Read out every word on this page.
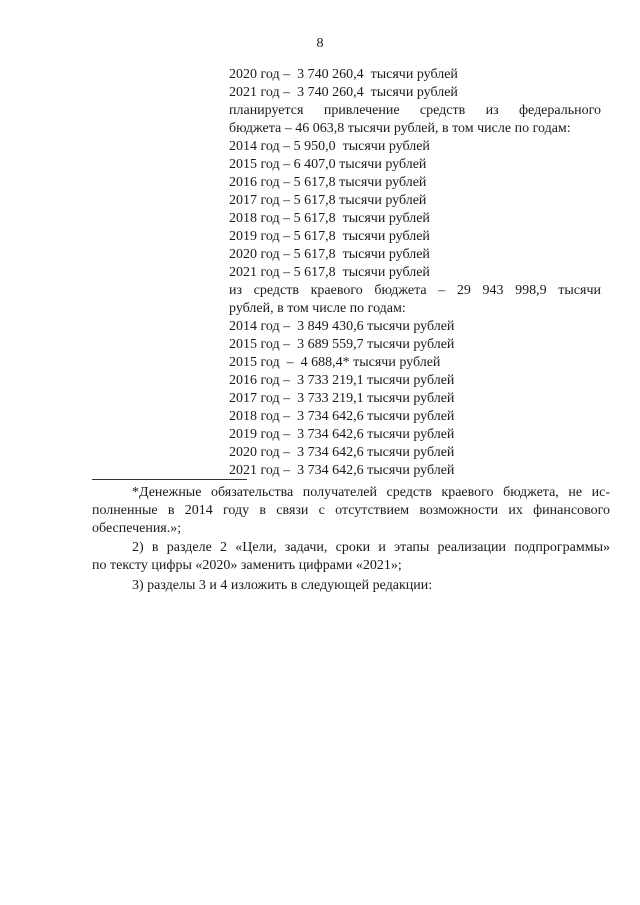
8
2020 год –  3 740 260,4  тысячи рублей
2021 год –  3 740 260,4  тысячи рублей
планируется привлечение средств из федерального
бюджета – 46 063,8 тысячи рублей, в том числе по годам:
2014 год – 5 950,0  тысячи рублей
2015 год – 6 407,0 тысячи рублей
2016 год – 5 617,8 тысячи рублей
2017 год – 5 617,8 тысячи рублей
2018 год – 5 617,8  тысячи рублей
2019 год – 5 617,8  тысячи рублей
2020 год – 5 617,8  тысячи рублей
2021 год – 5 617,8  тысячи рублей
из средств краевого бюджета – 29 943 998,9 тысячи
рублей, в том числе по годам:
2014 год –  3 849 430,6 тысячи рублей
2015 год –  3 689 559,7 тысячи рублей
2015 год  –  4 688,4* тысячи рублей
2016 год –  3 733 219,1 тысячи рублей
2017 год –  3 733 219,1 тысячи рублей
2018 год –  3 734 642,6 тысячи рублей
2019 год –  3 734 642,6 тысячи рублей
2020 год –  3 734 642,6 тысячи рублей
2021 год –  3 734 642,6 тысячи рублей
*Денежные обязательства получателей средств краевого бюджета, не ис-
полненные в 2014 году в связи с отсутствием возможности их финансового
обеспечения.»;
2) в разделе 2 «Цели, задачи, сроки и этапы реализации подпрограммы»
по тексту цифры «2020» заменить цифрами «2021»;
3) разделы 3 и 4 изложить в следующей редакции:
